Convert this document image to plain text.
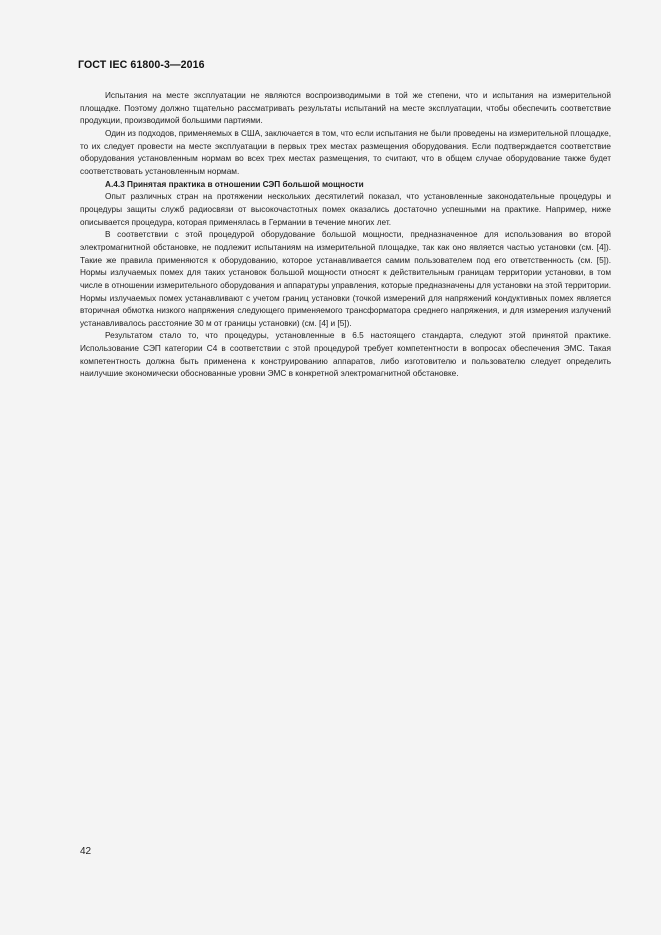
ГОСТ IEC 61800-3—2016

Испытания на месте эксплуатации не являются воспроизводимыми в той же степени, что и испытания на измерительной площадке. Поэтому должно тщательно рассматривать результаты испытаний на месте эксплуатации, чтобы обеспечить соответствие продукции, производимой большими партиями.

Один из подходов, применяемых в США, заключается в том, что если испытания не были проведены на измерительной площадке, то их следует провести на месте эксплуатации в первых трех местах размещения оборудования. Если подтверждается соответствие оборудования установленным нормам во всех трех местах размещения, то считают, что в общем случае оборудование также будет соответствовать установленным нормам.

А.4.3 Принятая практика в отношении СЭП большой мощности

Опыт различных стран на протяжении нескольких десятилетий показал, что установленные законодательные процедуры и процедуры защиты служб радиосвязи от высокочастотных помех оказались достаточно успешными на практике. Например, ниже описывается процедура, которая применялась в Германии в течение многих лет.

В соответствии с этой процедурой оборудование большой мощности, предназначенное для использования во второй электромагнитной обстановке, не подлежит испытаниям на измерительной площадке, так как оно является частью установки (см. [4]). Такие же правила применяются к оборудованию, которое устанавливается самим пользователем под его ответственность (см. [5]). Нормы излучаемых помех для таких установок большой мощности относят к действительным границам территории установки, в том числе в отношении измерительного оборудования и аппаратуры управления, которые предназначены для установки на этой территории. Нормы излучаемых помех устанавливают с учетом границ установки (точкой измерений для напряжений кондуктивных помех является вторичная обмотка низкого напряжения следующего применяемого трансформатора среднего напряжения, и для измерения излучений устанавливалось расстояние 30 м от границы установки) (см. [4] и [5]).

Результатом стало то, что процедуры, установленные в 6.5 настоящего стандарта, следуют этой принятой практике. Использование СЭП категории С4 в соответствии с этой процедурой требует компетентности в вопросах обеспечения ЭМС. Такая компетентность должна быть применена к конструированию аппаратов, либо изготовителю и пользователю следует определить наилучшие экономически обоснованные уровни ЭМС в конкретной электромагнитной обстановке.

42
